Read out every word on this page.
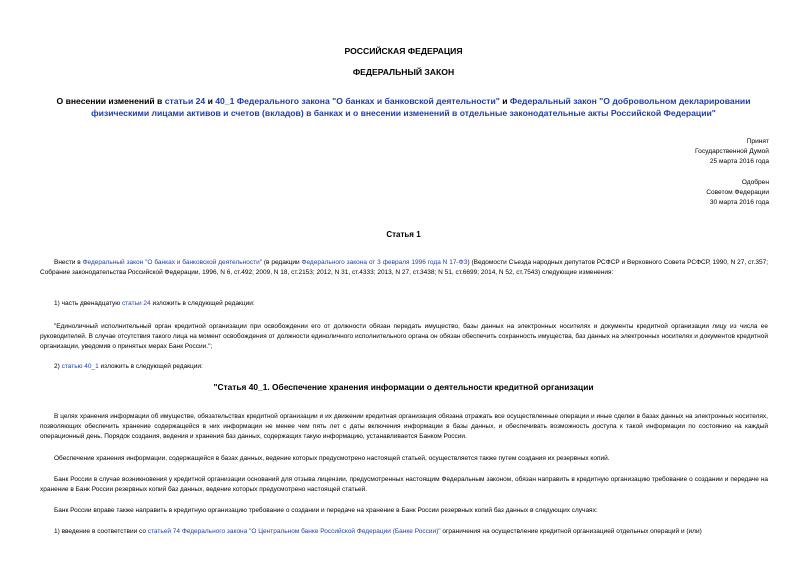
РОССИЙСКАЯ ФЕДЕРАЦИЯ
ФЕДЕРАЛЬНЫЙ ЗАКОН
О внесении изменений в статьи 24 и 40_1 Федерального закона "О банках и банковской деятельности" и Федеральный закон "О добровольном декларировании физическими лицами активов и счетов (вкладов) в банках и о внесении изменений в отдельные законодательные акты Российской Федерации"
Принят
Государственной Думой
25 марта 2016 года
Одобрен
Советом Федерации
30 марта 2016 года
Статья 1
Внести в Федеральный закон "О банках и банковской деятельности" (в редакции Федерального закона от 3 февраля 1996 года N 17-ФЗ) (Ведомости Съезда народных депутатов РСФСР и Верховного Совета РСФСР, 1990, N 27, ст.357; Собрание законодательства Российской Федерации, 1996, N 6, ст.492; 2009, N 18, ст.2153; 2012, N 31, ст.4333; 2013, N 27, ст.3438; N 51, ст.6699; 2014, N 52, ст.7543) следующие изменения:
1) часть двенадцатую статьи 24 изложить в следующей редакции:
"Единоличный исполнительный орган кредитной организации при освобождении его от должности обязан передать имущество, базы данных на электронных носителях и документы кредитной организации лицу из числа ее руководителей. В случае отсутствия такого лица на момент освобождения от должности единоличного исполнительного органа он обязан обеспечить сохранность имущества, баз данных на электронных носителях и документов кредитной организации, уведомив о принятых мерах Банк России.";
2) статью 40_1 изложить в следующей редакции:
"Статья 40_1. Обеспечение хранения информации о деятельности кредитной организации
В целях хранения информации об имуществе, обязательствах кредитной организации и их движении кредитная организация обязана отражать все осуществленные операции и иные сделки в базах данных на электронных носителях, позволяющих обеспечить хранение содержащейся в них информации не менее чем пять лет с даты включения информации в базы данных, и обеспечивать возможность доступа к такой информации по состоянию на каждый операционный день. Порядок создания, ведения и хранения баз данных, содержащих такую информацию, устанавливается Банком России.
Обеспечение хранения информации, содержащейся в базах данных, ведение которых предусмотрено настоящей статьей, осуществляется также путем создания их резервных копий.
Банк России в случае возникновения у кредитной организации оснований для отзыва лицензии, предусмотренных настоящим Федеральным законом, обязан направить в кредитную организацию требование о создании и передаче на хранение в Банк России резервных копий баз данных, ведение которых предусмотрено настоящей статьей.
Банк России вправе также направить в кредитную организацию требование о создании и передаче на хранение в Банк России резервных копий баз данных в следующих случаях:
1) введение в соответствии со статьей 74 Федерального закона "О Центральном банке Российской Федерации (Банке России)" ограничения на осуществление кредитной организацией отдельных операций и (или)
